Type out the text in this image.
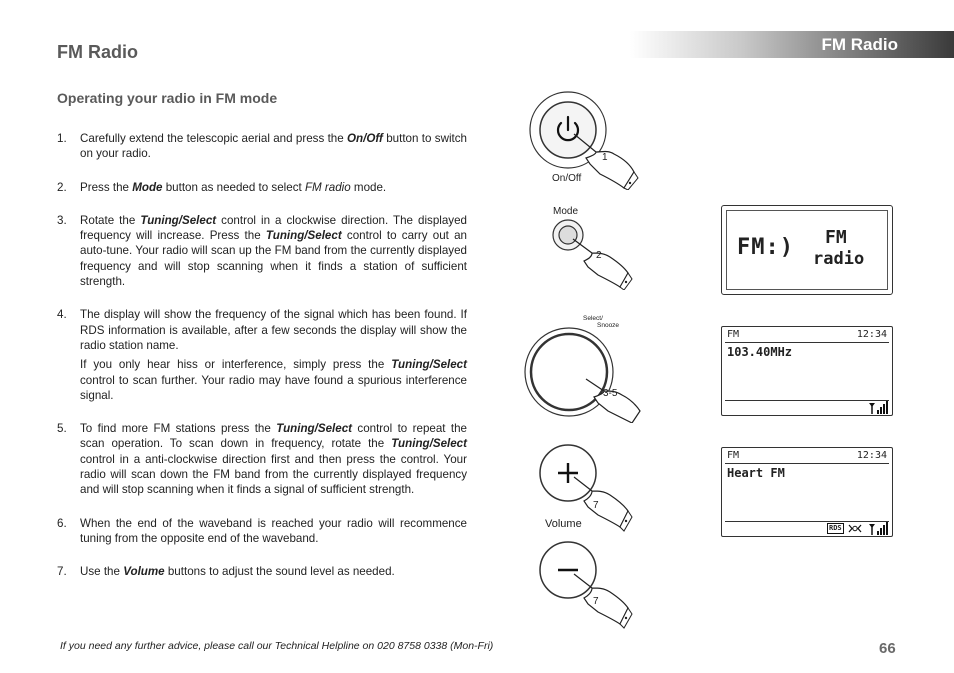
FM Radio
FM Radio
Operating your radio in FM mode
1. Carefully extend the telescopic aerial and press the On/Off button to switch on your radio.

2. Press the Mode button as needed to select FM radio mode.

3. Rotate the Tuning/Select control in a clockwise direction. The displayed frequency will increase. Press the Tuning/Select control to carry out an auto-tune. Your radio will scan up the FM band from the currently displayed frequency and will stop scanning when it finds a station of sufficient strength.

4. The display will show the frequency of the signal which has been found. If RDS information is available, after a few seconds the display will show the radio station name.

If you only hear hiss or interference, simply press the Tuning/Select control to scan further. Your radio may have found a spurious interference signal.

5. To find more FM stations press the Tuning/Select control to repeat the scan operation. To scan down in frequency, rotate the Tuning/Select control in a anti-clockwise direction first and then press the control. Your radio will scan down the FM band from the currently displayed frequency and will stop scanning when it finds a signal of sufficient strength.

6. When the end of the waveband is reached your radio will recommence tuning from the opposite end of the waveband.

7. Use the Volume buttons to adjust the sound level as needed.

On/Off
1
Mode
2
Select/
Snooze
3-5
Volume
7
7
FM:) FM
radio
FM	12:34
103.40MHz
FM	12:34
Heart FM
RDS
If you need any further advice, please call our Technical Helpline on 020 8758 0338 (Mon-Fri)	66
